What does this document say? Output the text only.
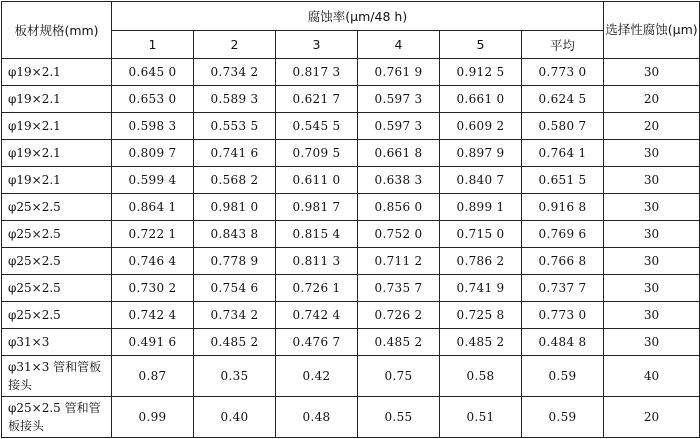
板材规格(mm)	腐蚀率(μm/48 h)						选择性腐蚀(μm)
	1	2	3	4	5	平均	
φ19×2.1	0.645 0	0.734 2	0.817 3	0.761 9	0.912 5	0.773 0	30
φ19×2.1	0.653 0	0.589 3	0.621 7	0.597 3	0.661 0	0.624 5	20
φ19×2.1	0.598 3	0.553 5	0.545 5	0.597 3	0.609 2	0.580 7	20
φ19×2.1	0.809 7	0.741 6	0.709 5	0.661 8	0.897 9	0.764 1	30
φ19×2.1	0.599 4	0.568 2	0.611 0	0.638 3	0.840 7	0.651 5	30
φ25×2.5	0.864 1	0.981 0	0.981 7	0.856 0	0.899 1	0.916 8	30
φ25×2.5	0.722 1	0.843 8	0.815 4	0.752 0	0.715 0	0.769 6	30
φ25×2.5	0.746 4	0.778 9	0.811 3	0.711 2	0.786 2	0.766 8	30
φ25×2.5	0.730 2	0.754 6	0.726 1	0.735 7	0.741 9	0.737 7	30
φ25×2.5	0.742 4	0.734 2	0.742 4	0.726 2	0.725 8	0.773 0	30
φ31×3	0.491 6	0.485 2	0.476 7	0.485 2	0.485 2	0.484 8	30
φ31×3 管和管板接头	0.87	0.35	0.42	0.75	0.58	0.59	40
φ25×2.5 管和管板接头	0.99	0.40	0.48	0.55	0.51	0.59	20
